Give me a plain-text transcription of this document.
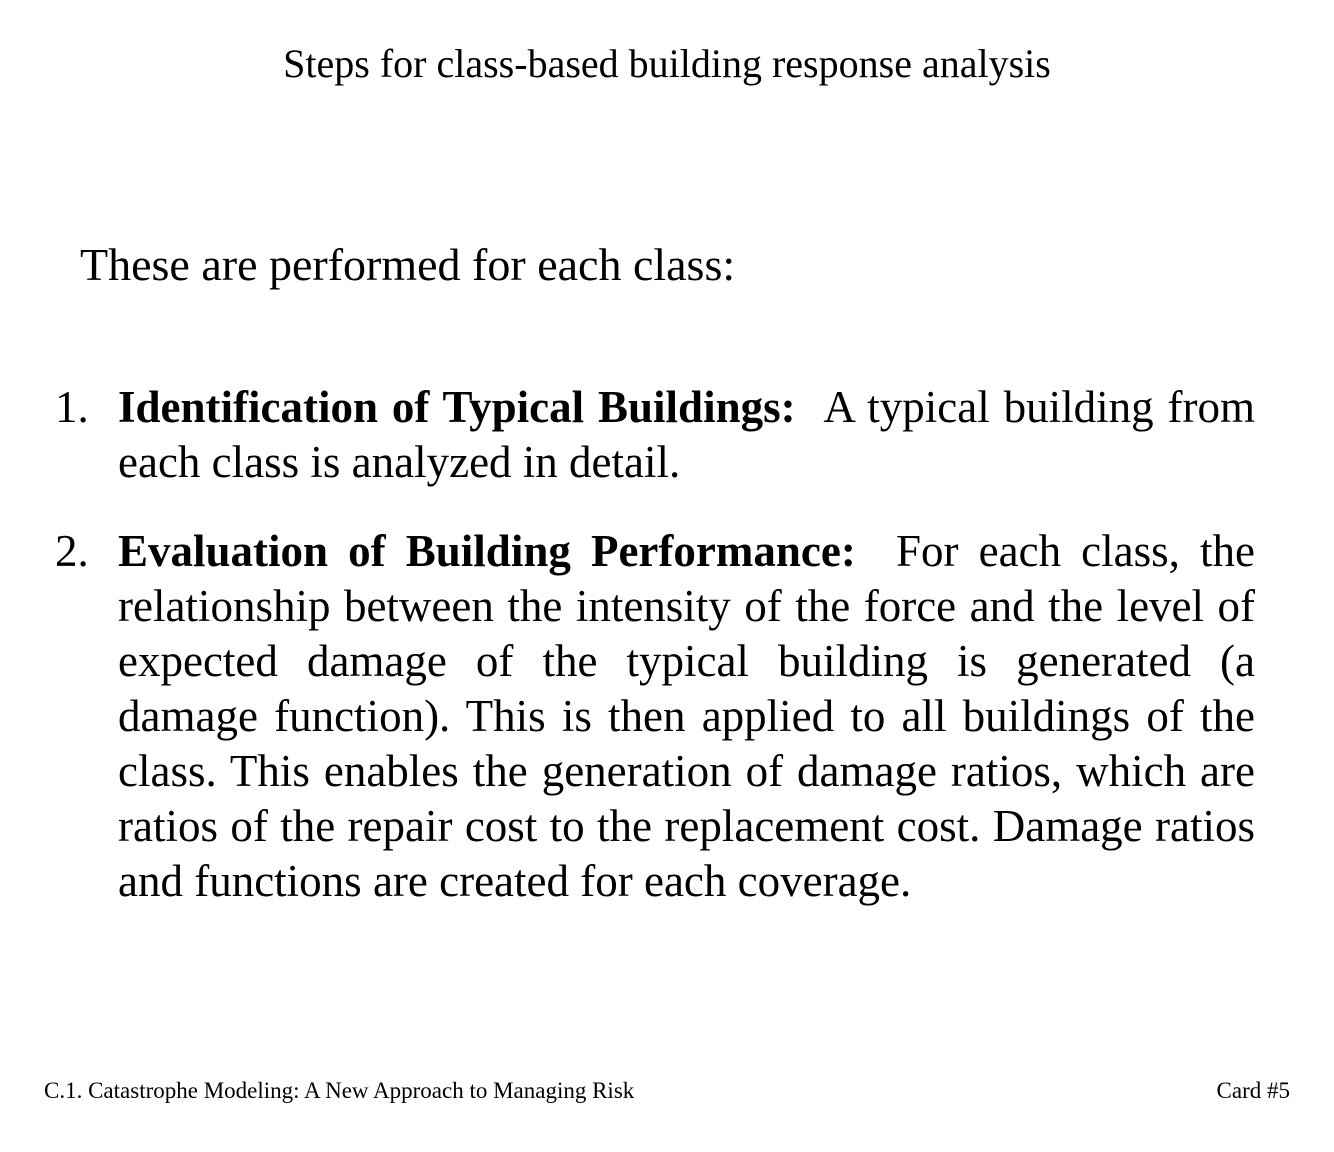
Steps for class-based building response analysis

These are performed for each class:

1. Identification of Typical Buildings:  A typical building from each class is analyzed in detail.
2. Evaluation of Building Performance:  For each class, the relationship between the intensity of the force and the level of expected damage of the typical building is generated (a damage function). This is then applied to all buildings of the class. This enables the generation of damage ratios, which are ratios of the repair cost to the replacement cost. Damage ratios and functions are created for each coverage.
C.1. Catastrophe Modeling: A New Approach to Managing Risk	Card #5
